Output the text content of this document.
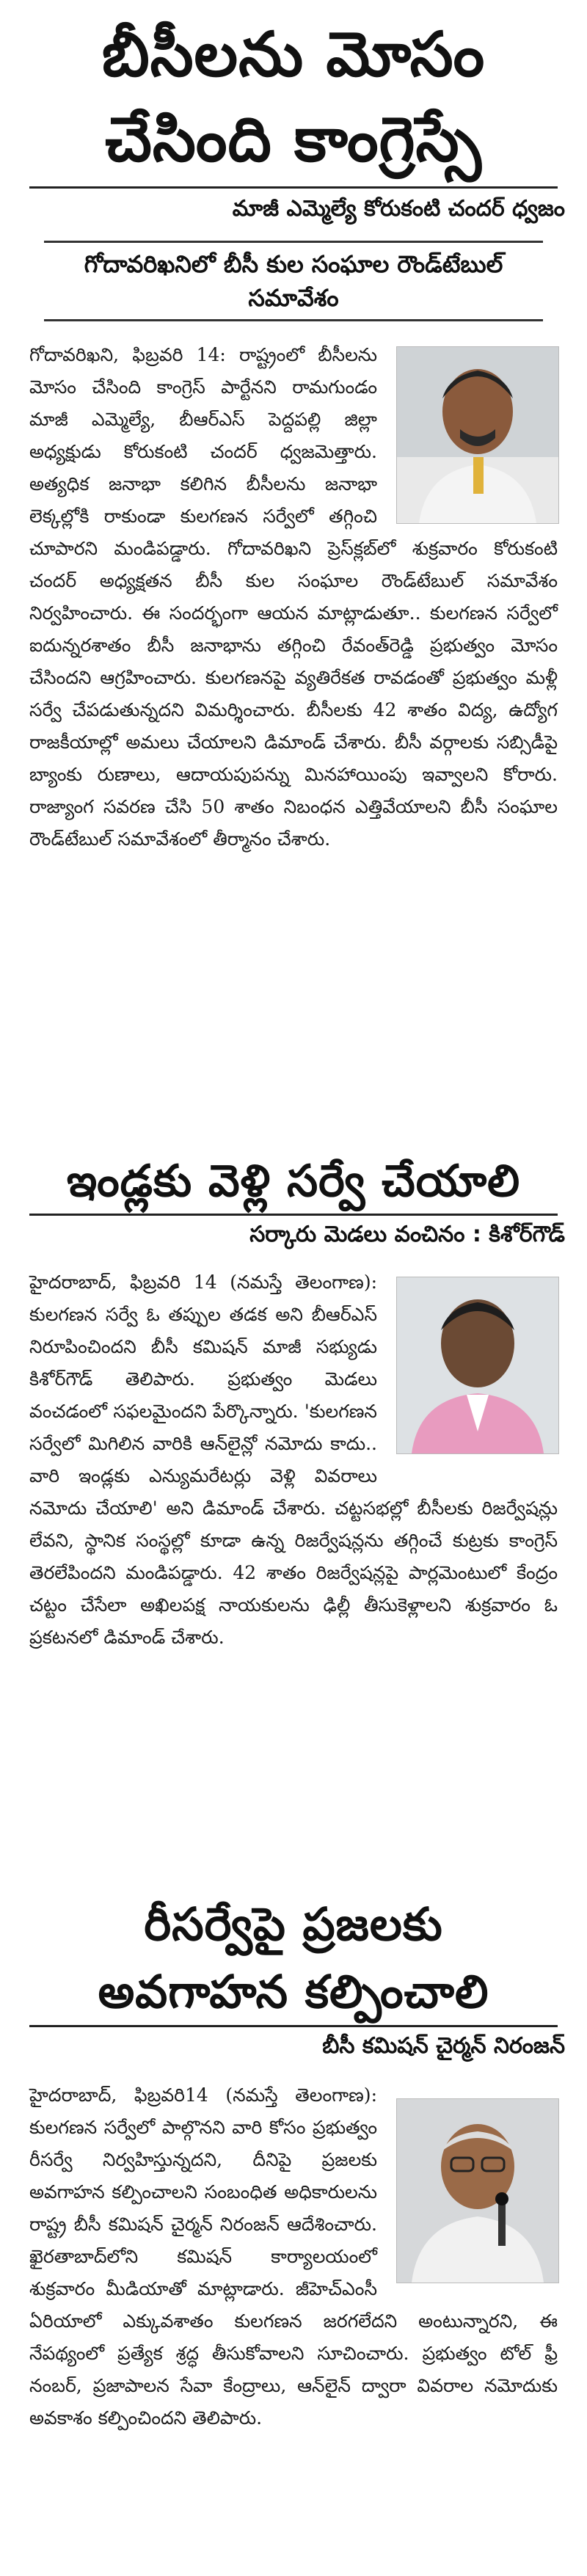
బీసీలను మోసం
చేసింది కాంగ్రెస్సే
మాజీ ఎమ్మెల్యే కోరుకంటి చందర్ ధ్వజం
గోదావరిఖనిలో బీసీ కుల సంఘాల రౌండ్‌టేబుల్ సమావేశం

గోదావరిఖని, ఫిబ్రవరి 14: రాష్ట్రంలో బీసీలను మోసం చేసింది కాంగ్రెస్ పార్టేనని రామగుండం మాజీ ఎమ్మెల్యే, బీఆర్ఎస్ పెద్దపల్లి జిల్లా అధ్యక్షుడు కోరుకంటి చందర్ ధ్వజమెత్తారు. అత్యధిక జనాభా కలిగిన బీసీలను జనాభా లెక్కల్లోకి రాకుండా కులగణన సర్వేలో తగ్గించి చూపారని మండిపడ్డారు. గోదావరిఖని ప్రెస్‌క్లబ్‌లో శుక్రవారం కోరుకంటి చందర్ అధ్యక్షతన బీసీ కుల సంఘాల రౌండ్‌టేబుల్ సమావేశం నిర్వహించారు. ఈ సందర్భంగా ఆయన మాట్లాడుతూ.. కులగణన సర్వేలో ఐదున్నరశాతం బీసీ జనాభాను తగ్గించి రేవంత్‌రెడ్డి ప్రభుత్వం మోసం చేసిందని ఆగ్రహించారు. కులగణనపై వ్యతిరేకత రావడంతో ప్రభుత్వం మళ్లీ సర్వే చేపడుతున్నదని విమర్శించారు. బీసీలకు 42 శాతం విద్య, ఉద్యోగ రాజకీయాల్లో అమలు చేయాలని డిమాండ్ చేశారు. బీసీ వర్గాలకు సబ్సిడీపై బ్యాంకు రుణాలు, ఆదాయపుపన్ను మినహాయింపు ఇవ్వాలని కోరారు. రాజ్యాంగ సవరణ చేసి 50 శాతం నిబంధన ఎత్తివేయాలని బీసీ సంఘాల రౌండ్‌టేబుల్ సమావేశంలో తీర్మానం చేశారు.

ఇండ్లకు వెళ్లి సర్వే చేయాలి
సర్కారు మెడలు వంచినం : కిశోర్‌గౌడ్

హైదరాబాద్, ఫిబ్రవరి 14 (నమస్తే తెలంగాణ): కులగణన సర్వే ఓ తప్పుల తడక అని బీఆర్ఎస్ నిరూపించిందని బీసీ కమిషన్ మాజీ సభ్యుడు కిశోర్‌గౌడ్ తెలిపారు. ప్రభుత్వం మెడలు వంచడంలో సఫలమైందని పేర్కొన్నారు. 'కులగణన సర్వేలో మిగిలిన వారికి ఆన్‌లైన్లో నమోదు కాదు.. వారి ఇండ్లకు ఎన్యుమరేటర్లు వెళ్లి వివరాలు నమోదు చేయాలి' అని డిమాండ్ చేశారు. చట్టసభల్లో బీసీలకు రిజర్వేషన్లు లేవని, స్థానిక సంస్థల్లో కూడా ఉన్న రిజర్వేషన్లను తగ్గించే కుట్రకు కాంగ్రెస్ తెరలేపిందని మండిపడ్డారు. 42 శాతం రిజర్వేషన్లపై పార్లమెంటులో కేంద్రం చట్టం చేసేలా అఖిలపక్ష నాయకులను ఢిల్లీ తీసుకెళ్లాలని శుక్రవారం ఓ ప్రకటనలో డిమాండ్ చేశారు.

రీసర్వేపై ప్రజలకు
అవగాహన కల్పించాలి
బీసీ కమిషన్ చైర్మన్ నిరంజన్

హైదరాబాద్, ఫిబ్రవరి14 (నమస్తే తెలంగాణ): కులగణన సర్వేలో పాల్గొనని వారి కోసం ప్రభుత్వం రీసర్వే నిర్వహిస్తున్నదని, దీనిపై ప్రజలకు అవగాహన కల్పించాలని సంబంధిత అధికారులను రాష్ట్ర బీసీ కమిషన్ చైర్మన్ నిరంజన్ ఆదేశించారు. ఖైరతాబాద్‌లోని కమిషన్ కార్యాలయంలో శుక్రవారం మీడియాతో మాట్లాడారు. జీహెచ్‌ఎంసీ ఏరియాలో ఎక్కువశాతం కులగణన జరగలేదని అంటున్నారని, ఈ నేపథ్యంలో ప్రత్యేక శ్రద్ధ తీసుకోవాలని సూచించారు. ప్రభుత్వం టోల్ ఫ్రీ నంబర్, ప్రజాపాలన సేవా కేంద్రాలు, ఆన్‌లైన్ ద్వారా వివరాల నమోదుకు అవకాశం కల్పించిందని తెలిపారు.
